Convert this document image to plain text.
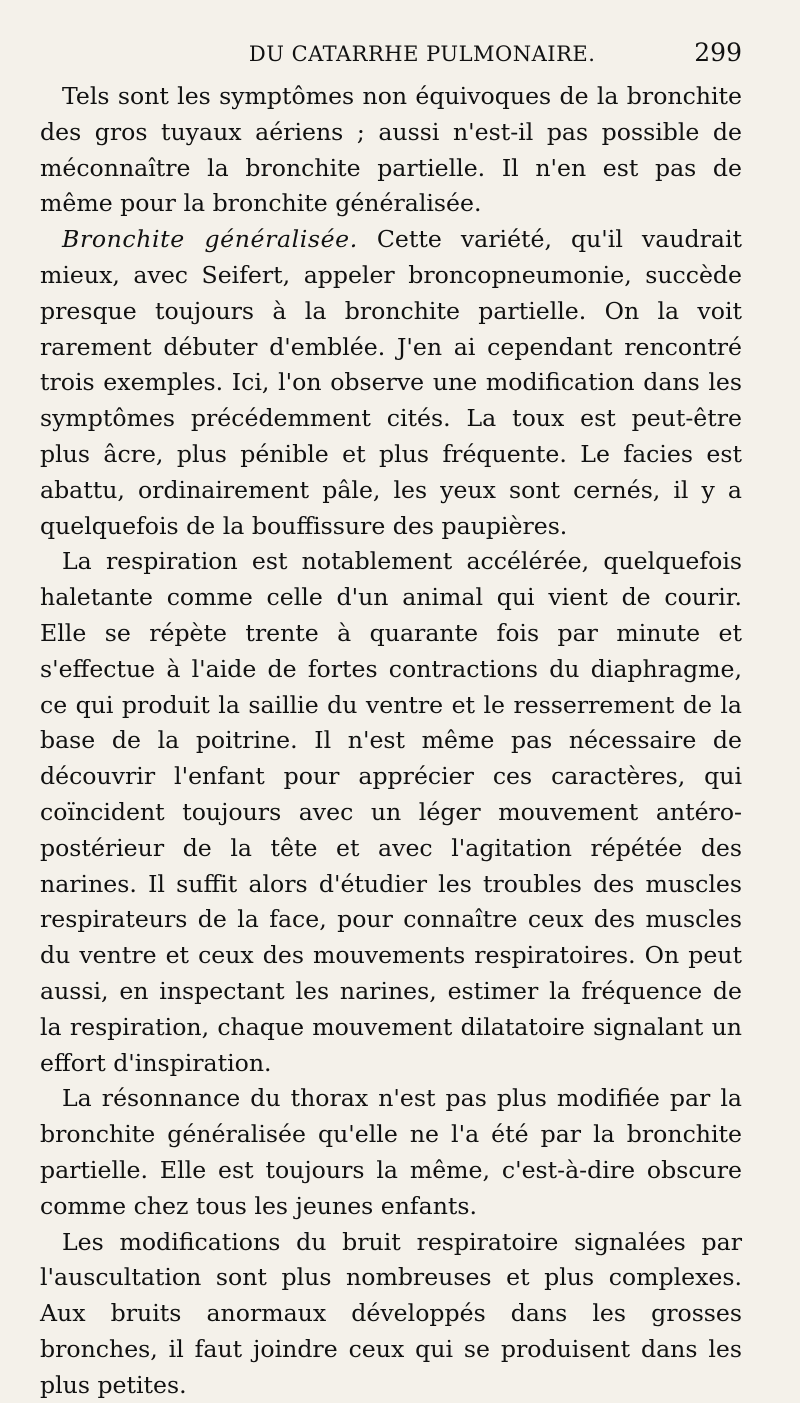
DU CATARRHE PULMONAIRE.	299

Tels sont les symptômes non équivoques de la bronchite des gros tuyaux aériens ; aussi n'est-il pas possible de méconnaître la bronchite partielle. Il n'en est pas de même pour la bronchite généralisée.

Bronchite généralisée. Cette variété, qu'il vaudrait mieux, avec Seifert, appeler broncopneumonie, succède presque toujours à la bronchite partielle. On la voit rarement débuter d'emblée. J'en ai cependant rencontré trois exemples. Ici, l'on observe une modification dans les symptômes précédemment cités. La toux est peut-être plus âcre, plus pénible et plus fréquente. Le facies est abattu, ordinairement pâle, les yeux sont cernés, il y a quelquefois de la bouffissure des paupières.

La respiration est notablement accélérée, quelquefois haletante comme celle d'un animal qui vient de courir. Elle se répète trente à quarante fois par minute et s'effectue à l'aide de fortes contractions du diaphragme, ce qui produit la saillie du ventre et le resserrement de la base de la poitrine. Il n'est même pas nécessaire de découvrir l'enfant pour apprécier ces caractères, qui coïncident toujours avec un léger mouvement antéro-postérieur de la tête et avec l'agitation répétée des narines. Il suffit alors d'étudier les troubles des muscles respirateurs de la face, pour connaître ceux des muscles du ventre et ceux des mouvements respiratoires. On peut aussi, en inspectant les narines, estimer la fréquence de la respiration, chaque mouvement dilatatoire signalant un effort d'inspiration.

La résonnance du thorax n'est pas plus modifiée par la bronchite généralisée qu'elle ne l'a été par la bronchite partielle. Elle est toujours la même, c'est-à-dire obscure comme chez tous les jeunes enfants.

Les modifications du bruit respiratoire signalées par l'auscultation sont plus nombreuses et plus complexes. Aux bruits anormaux développés dans les grosses bronches, il faut joindre ceux qui se produisent dans les plus petites.
